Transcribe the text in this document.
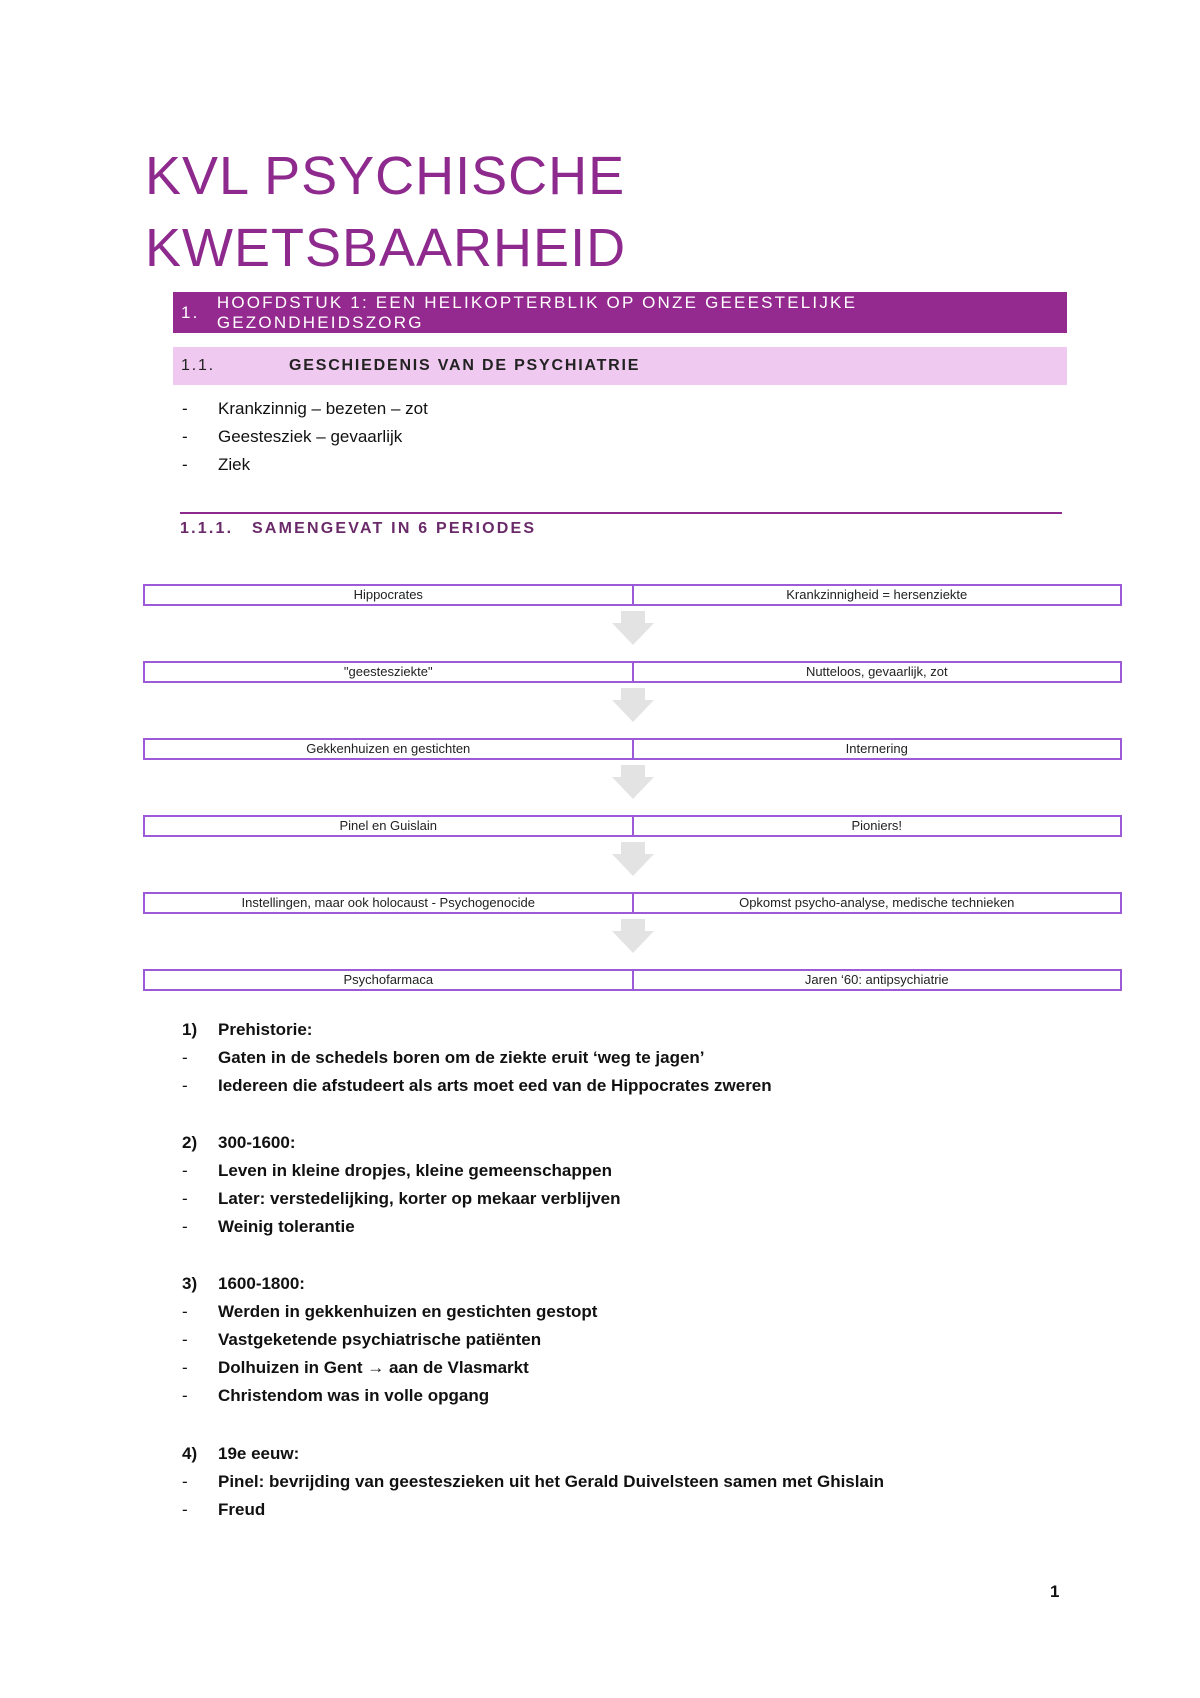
KVL PSYCHISCHE KWETSBAARHEID
1.
HOOFDSTUK 1: EEN HELIKOPTERBLIK OP ONZE GEEESTELIJKE GEZONDHEIDSZORG
1.1.	GESCHIEDENIS VAN DE PSYCHIATRIE
-	Krankzinnig – bezeten – zot
-	Geestesziek – gevaarlijk
-	Ziek
1.1.1.	SAMENGEVAT IN 6 PERIODES
Hippocrates	Krankzinnigheid = hersenziekte
"geestesziekte"	Nutteloos, gevaarlijk, zot
Gekkenhuizen en gestichten	Internering
Pinel en Guislain	Pioniers!
Instellingen, maar ook holocaust - Psychogenocide	Opkomst psycho-analyse, medische technieken
Psychofarmaca	Jaren ‘60: antipsychiatrie
1)	Prehistorie:
-	Gaten in de schedels boren om de ziekte eruit ‘weg te jagen’
-	Iedereen die afstudeert als arts moet eed van de Hippocrates zweren
2)	300-1600:
-	Leven in kleine dropjes, kleine gemeenschappen
-	Later: verstedelijking, korter op mekaar verblijven
-	Weinig tolerantie
3)	1600-1800:
-	Werden in gekkenhuizen en gestichten gestopt
-	Vastgeketende psychiatrische patiënten
-	Dolhuizen in Gent → aan de Vlasmarkt
-	Christendom was in volle opgang
4)	19e eeuw:
-	Pinel: bevrijding van geesteszieken uit het Gerald Duivelsteen samen met Ghislain
-	Freud
1
